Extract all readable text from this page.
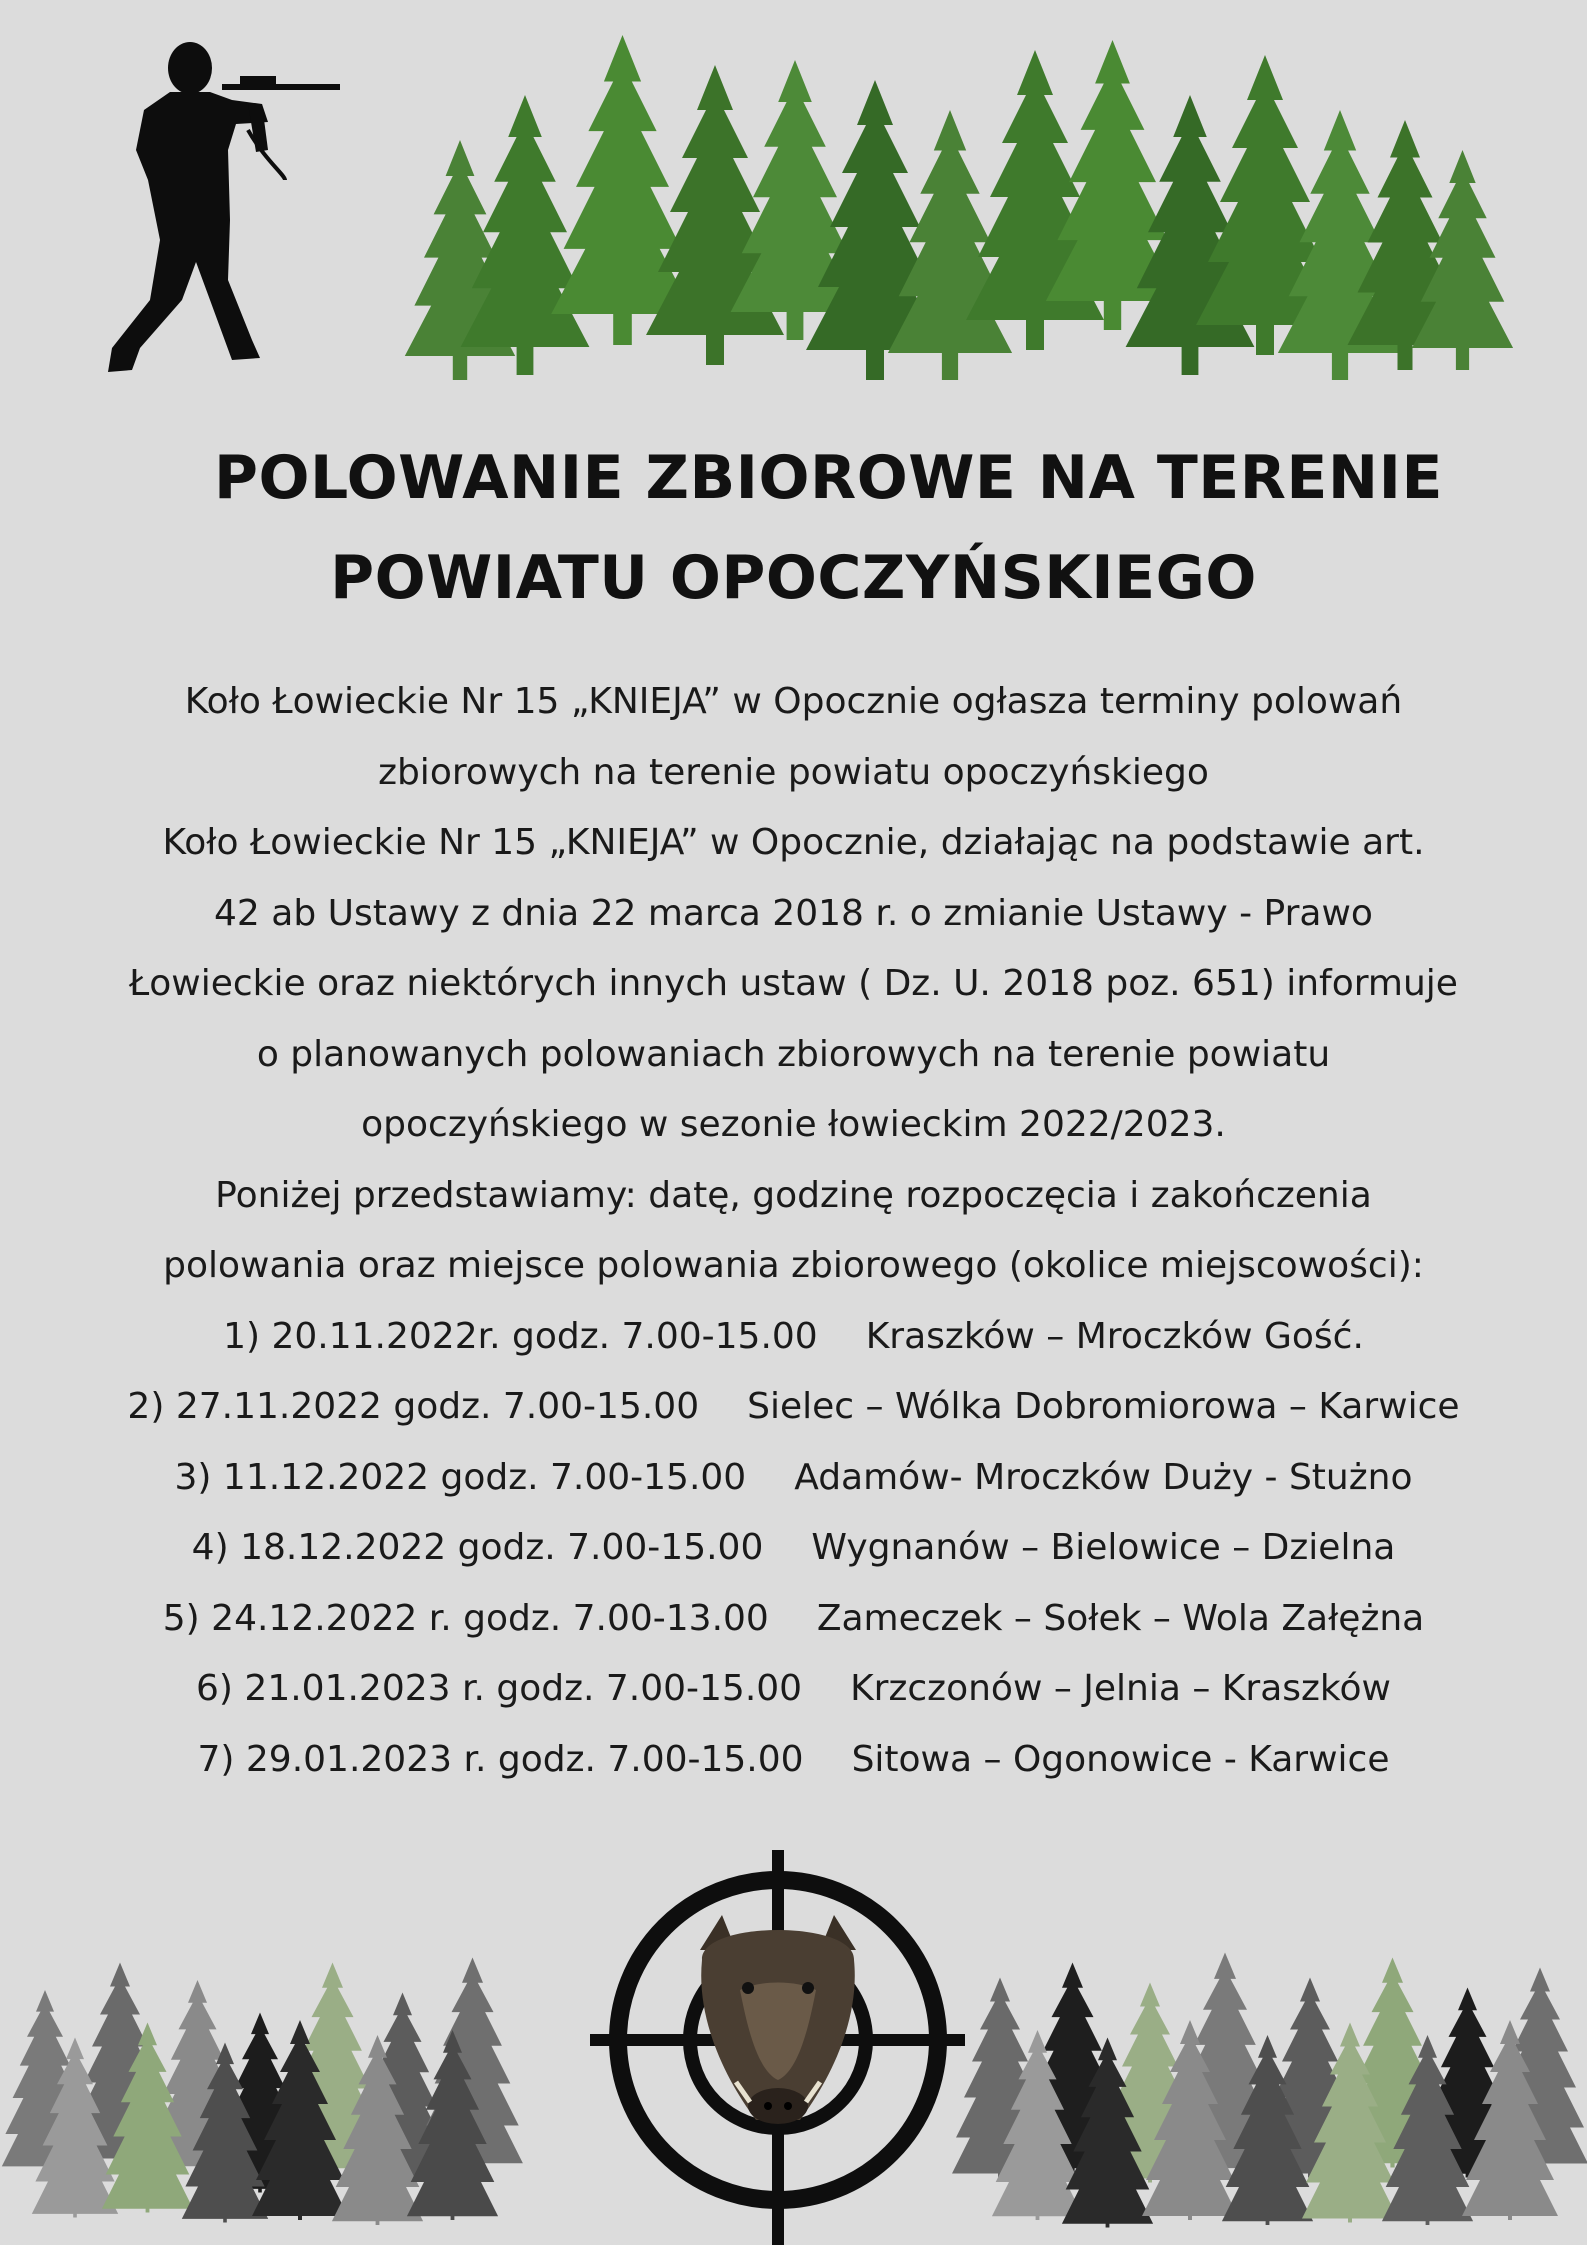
POLOWANIE ZBIOROWE NA TERENIE
POWIATU OPOCZYŃSKIEGO
Koło Łowieckie Nr 15 „KNIEJA” w Opocznie ogłasza terminy polowań
zbiorowych na terenie powiatu opoczyńskiego
Koło Łowieckie Nr 15 „KNIEJA” w Opocznie, działając na podstawie art.
42 ab Ustawy z dnia 22 marca 2018 r. o zmianie Ustawy - Prawo
Łowieckie oraz niektórych innych ustaw ( Dz. U. 2018 poz. 651) informuje
o planowanych polowaniach zbiorowych na terenie powiatu
opoczyńskiego w sezonie łowieckim 2022/2023.
Poniżej przedstawiamy: datę, godzinę rozpoczęcia i zakończenia
polowania oraz miejsce polowania zbiorowego (okolice miejscowości):
1) 20.11.2022r. godz. 7.00-15.00 Kraszków – Mroczków Gość.
2) 27.11.2022 godz. 7.00-15.00 Sielec – Wólka Dobromiorowa – Karwice
3) 11.12.2022 godz. 7.00-15.00 Adamów- Mroczków Duży - Stużno
4) 18.12.2022 godz. 7.00-15.00 Wygnanów – Bielowice – Dzielna
5) 24.12.2022 r. godz. 7.00-13.00 Zameczek – Sołek – Wola Załężna
6) 21.01.2023 r. godz. 7.00-15.00 Krzczonów – Jelnia – Kraszków
7) 29.01.2023 r. godz. 7.00-15.00 Sitowa – Ogonowice - Karwice
